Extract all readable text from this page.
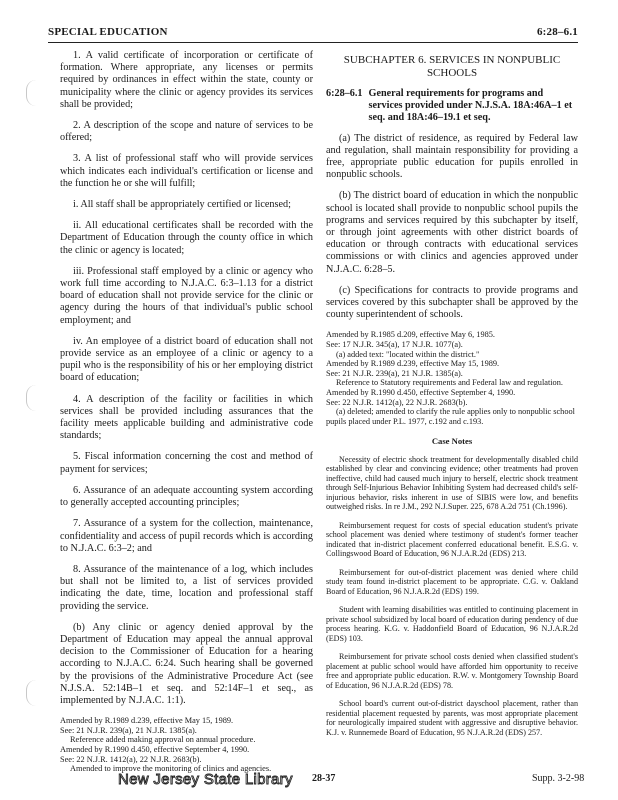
SPECIAL EDUCATION	6:28–6.1

1. A valid certificate of incorporation or certificate of formation. Where appropriate, any licenses or permits required by ordinances in effect within the state, county or municipality where the clinic or agency provides its services shall be provided;

2. A description of the scope and nature of services to be offered;

3. A list of professional staff who will provide services which indicates each individual's certification or license and the function he or she will fulfill;

i. All staff shall be appropriately certified or licensed;

ii. All educational certificates shall be recorded with the Department of Education through the county office in which the clinic or agency is located;

iii. Professional staff employed by a clinic or agency who work full time according to N.J.A.C. 6:3–1.13 for a district board of education shall not provide service for the clinic or agency during the hours of that individual's public school employment; and

iv. An employee of a district board of education shall not provide service as an employee of a clinic or agency to a pupil who is the responsibility of his or her employing district board of education;

4. A description of the facility or facilities in which services shall be provided including assurances that the facility meets applicable building and administrative code standards;

5. Fiscal information concerning the cost and method of payment for services;

6. Assurance of an adequate accounting system according to generally accepted accounting principles;

7. Assurance of a system for the collection, maintenance, confidentiality and access of pupil records which is according to N.J.A.C. 6:3–2; and

8. Assurance of the maintenance of a log, which includes but shall not be limited to, a list of services provided indicating the date, time, location and professional staff providing the service.

(b) Any clinic or agency denied approval by the Department of Education may appeal the annual approval decision to the Commissioner of Education for a hearing according to N.J.A.C. 6:24. Such hearing shall be governed by the provisions of the Administrative Procedure Act (see N.J.S.A. 52:14B–1 et seq. and 52:14F–1 et seq., as implemented by N.J.A.C. 1:1).

Amended by R.1989 d.239, effective May 15, 1989.
See: 21 N.J.R. 239(a), 21 N.J.R. 1385(a).
Reference added making approval on annual procedure.
Amended by R.1990 d.450, effective September 4, 1990.
See: 22 N.J.R. 1412(a), 22 N.J.R. 2683(b).
Amended to improve the monitoring of clinics and agencies.
SUBCHAPTER 6. SERVICES IN NONPUBLIC SCHOOLS
6:28–6.1 General requirements for programs and services provided under N.J.S.A. 18A:46A–1 et seq. and 18A:46–19.1 et seq.

(a) The district of residence, as required by Federal law and regulation, shall maintain responsibility for providing a free, appropriate public education for pupils enrolled in nonpublic schools.

(b) The district board of education in which the nonpublic school is located shall provide to nonpublic school pupils the programs and services required by this subchapter by itself, or through joint agreements with other district boards of education or through contracts with educational services commissions or with clinics and agencies approved under N.J.A.C. 6:28–5.

(c) Specifications for contracts to provide programs and services covered by this subchapter shall be approved by the county superintendent of schools.

Amended by R.1985 d.209, effective May 6, 1985.
See: 17 N.J.R. 345(a), 17 N.J.R. 1077(a).
(a) added text: "located within the district."
Amended by R.1989 d.239, effective May 15, 1989.
See: 21 N.J.R. 239(a), 21 N.J.R. 1385(a).
Reference to Statutory requirements and Federal law and regulation.
Amended by R.1990 d.450, effective September 4, 1990.
See: 22 N.J.R. 1412(a), 22 N.J.R. 2683(b).
(a) deleted; amended to clarify the rule applies only to nonpublic school pupils placed under P.L. 1977, c.192 and c.193.
Case Notes

Necessity of electric shock treatment for developmentally disabled child established by clear and convincing evidence; other treatments had proven ineffective, child had caused much injury to herself, electric shock treatment through Self-Injurious Behavior Inhibiting System had decreased child's self-injurious behavior, risks inherent in use of SIBIS were low, and benefits outweighed risks. In re J.M., 292 N.J.Super. 225, 678 A.2d 751 (Ch.1996).

Reimbursement request for costs of special education student's private school placement was denied where testimony of student's former teacher indicated that in-district placement conferred educational benefit. E.S.G. v. Collingswood Board of Education, 96 N.J.A.R.2d (EDS) 213.

Reimbursement for out-of-district placement was denied where child study team found in-district placement to be appropriate. C.G. v. Oakland Board of Education, 96 N.J.A.R.2d (EDS) 199.

Student with learning disabilities was entitled to continuing placement in private school subsidized by local board of education during pendency of due process hearing. K.G. v. Haddonfield Board of Education, 96 N.J.A.R.2d (EDS) 103.

Reimbursement for private school costs denied when classified student's placement at public school would have afforded him opportunity to receive free and appropriate public education. R.W. v. Montgomery Township Board of Education, 96 N.J.A.R.2d (EDS) 78.

School board's current out-of-district dayschool placement, rather than residential placement requested by parents, was most appropriate placement for neurologically impaired student with aggressive and disruptive behavior. K.J. v. Runnemede Board of Education, 95 N.J.A.R.2d (EDS) 257.

New Jersey State Library 28-37	Supp. 3-2-98
